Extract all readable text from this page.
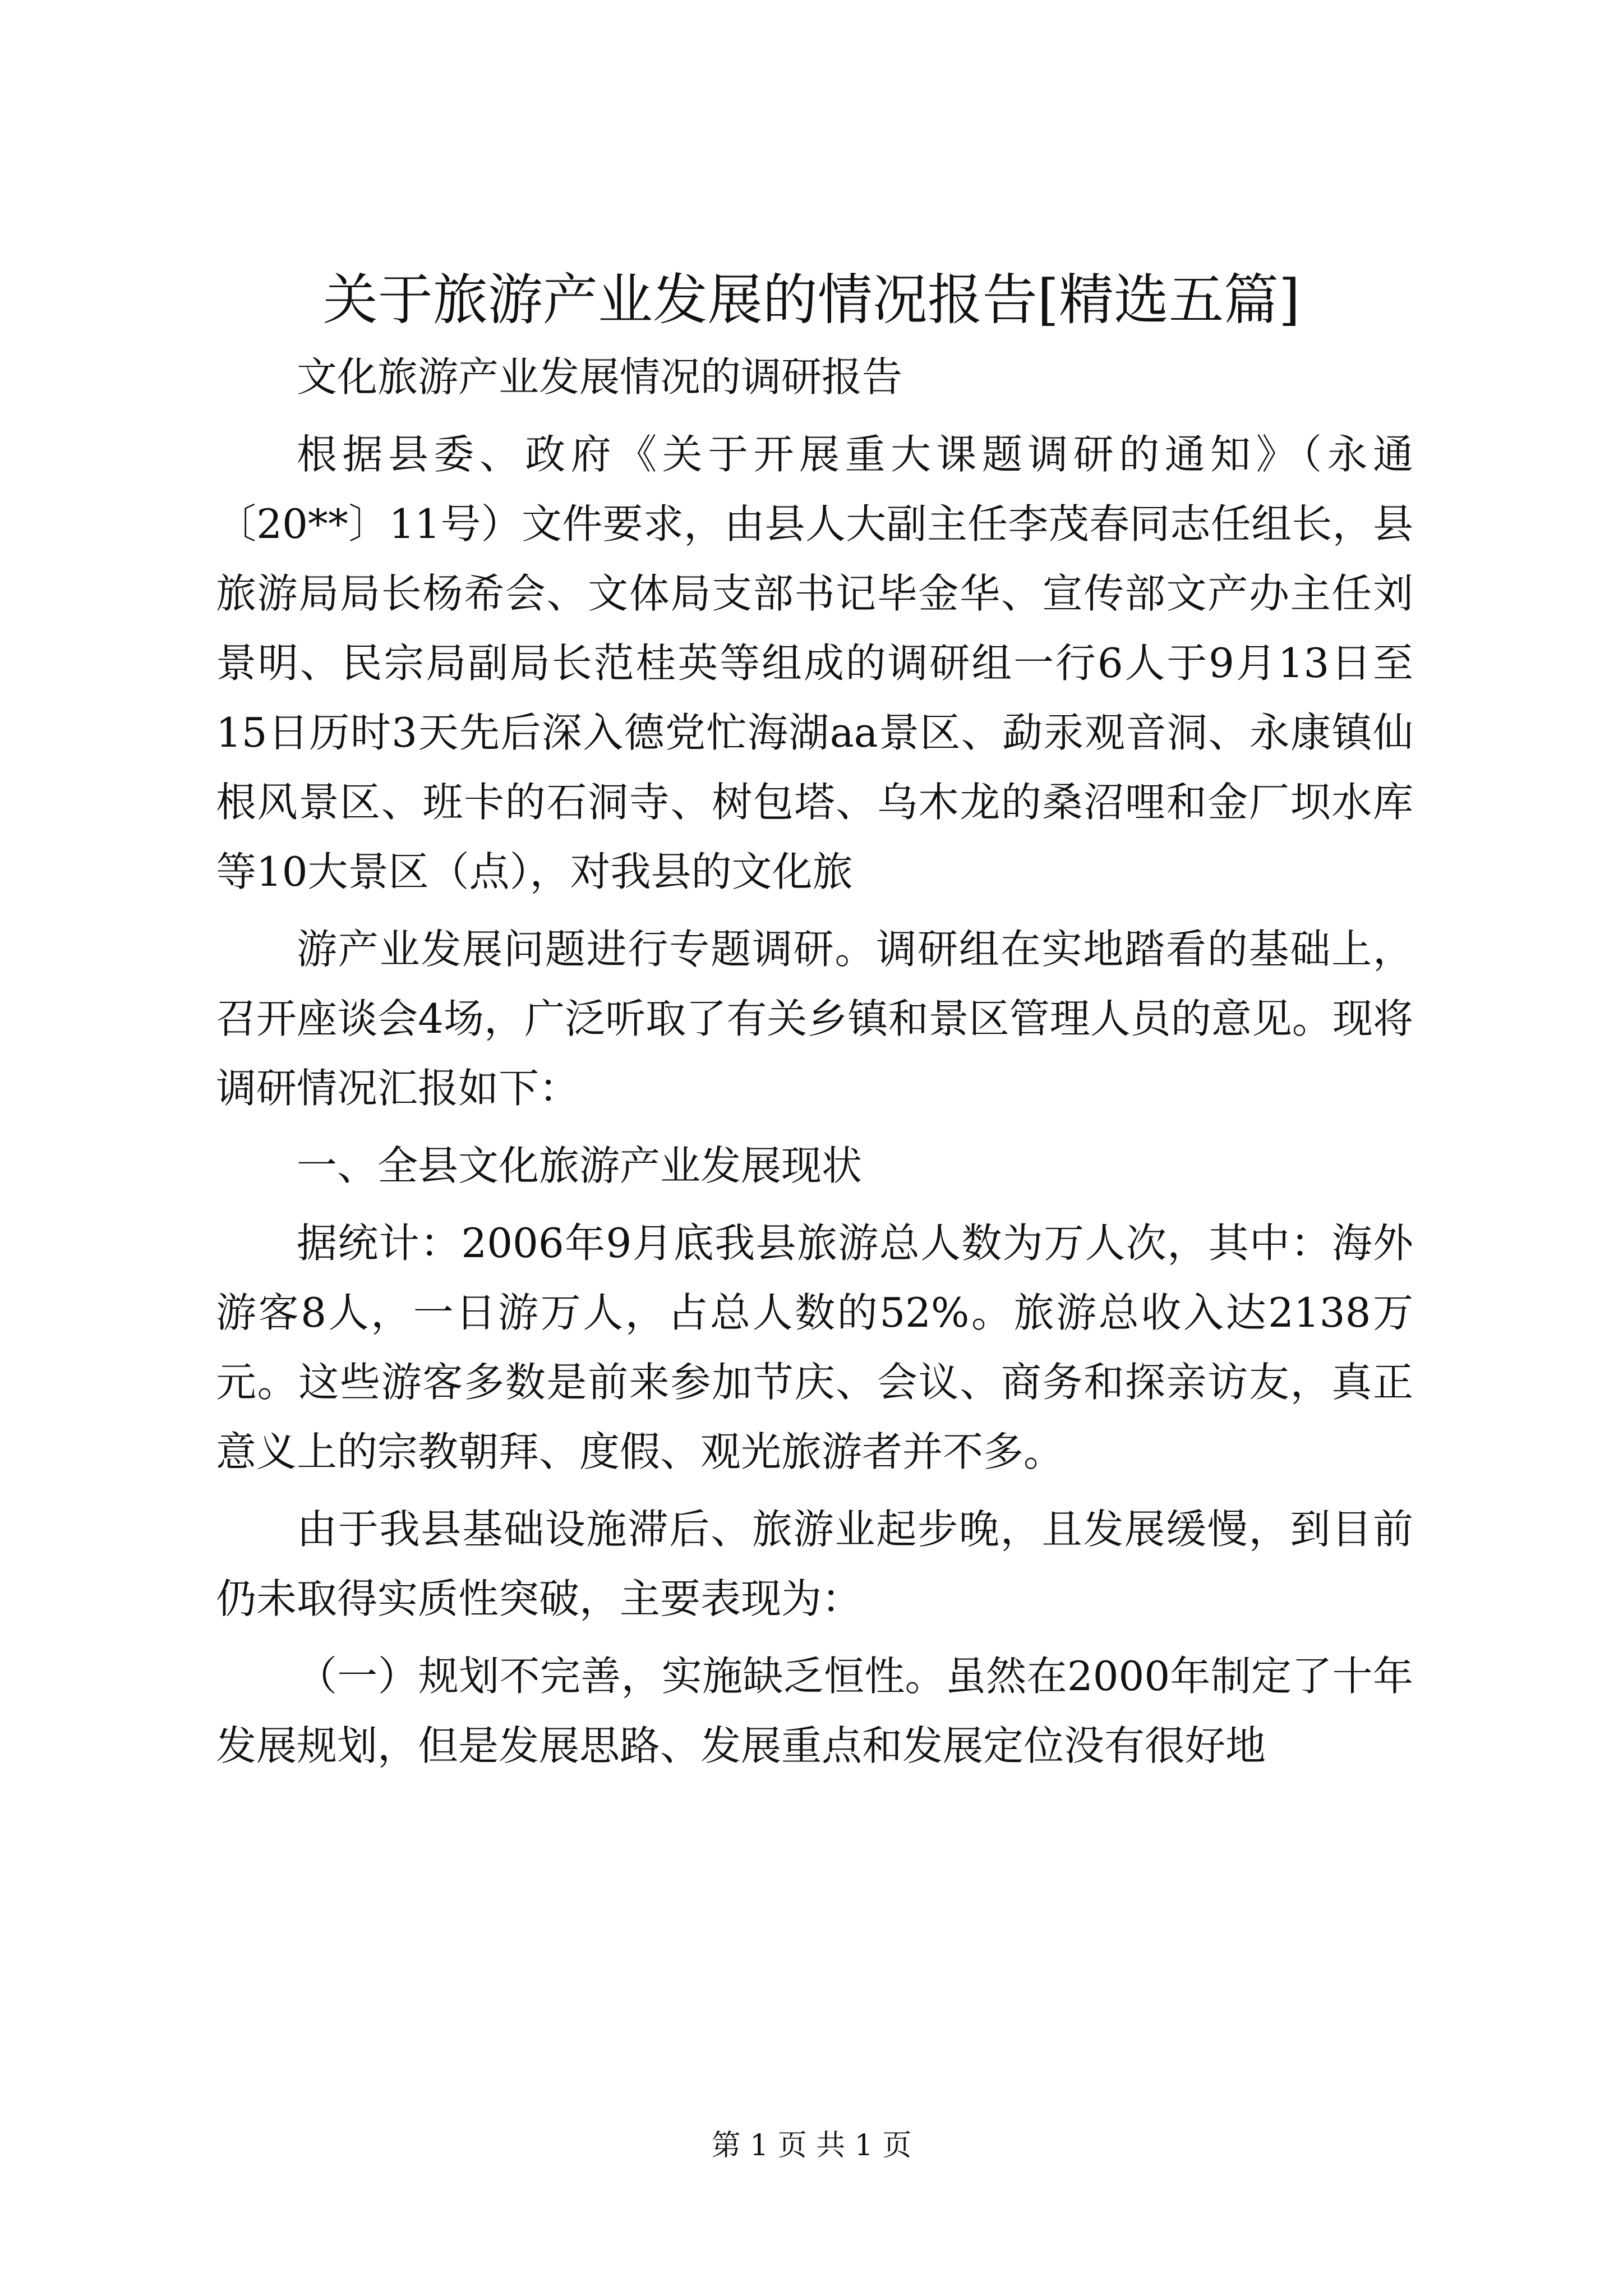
关于旅游产业发展的情况报告[精选五篇]

文化旅游产业发展情况的调研报告

根据县委、政府《关于开展重大课题调研的通知》（永通〔20**〕11号）文件要求，由县人大副主任李茂春同志任组长，县旅游局局长杨希会、文体局支部书记毕金华、宣传部文产办主任刘景明、民宗局副局长范桂英等组成的调研组一行6人于9月13日至15日历时3天先后深入德党忙海湖aa景区、勐汞观音洞、永康镇仙根风景区、班卡的石洞寺、树包塔、乌木龙的桑沼哩和金厂坝水库等10大景区（点），对我县的文化旅

游产业发展问题进行专题调研。调研组在实地踏看的基础上，召开座谈会4场，广泛听取了有关乡镇和景区管理人员的意见。现将调研情况汇报如下：

一、全县文化旅游产业发展现状

据统计：2006年9月底我县旅游总人数为万人次，其中：海外游客8人，一日游万人，占总人数的52%。旅游总收入达2138万元。这些游客多数是前来参加节庆、会议、商务和探亲访友，真正意义上的宗教朝拜、度假、观光旅游者并不多。

由于我县基础设施滞后、旅游业起步晚，且发展缓慢，到目前仍未取得实质性突破，主要表现为：

（一）规划不完善，实施缺乏恒性。虽然在2000年制定了十年发展规划，但是发展思路、发展重点和发展定位没有很好地

第 1 页 共 1 页
